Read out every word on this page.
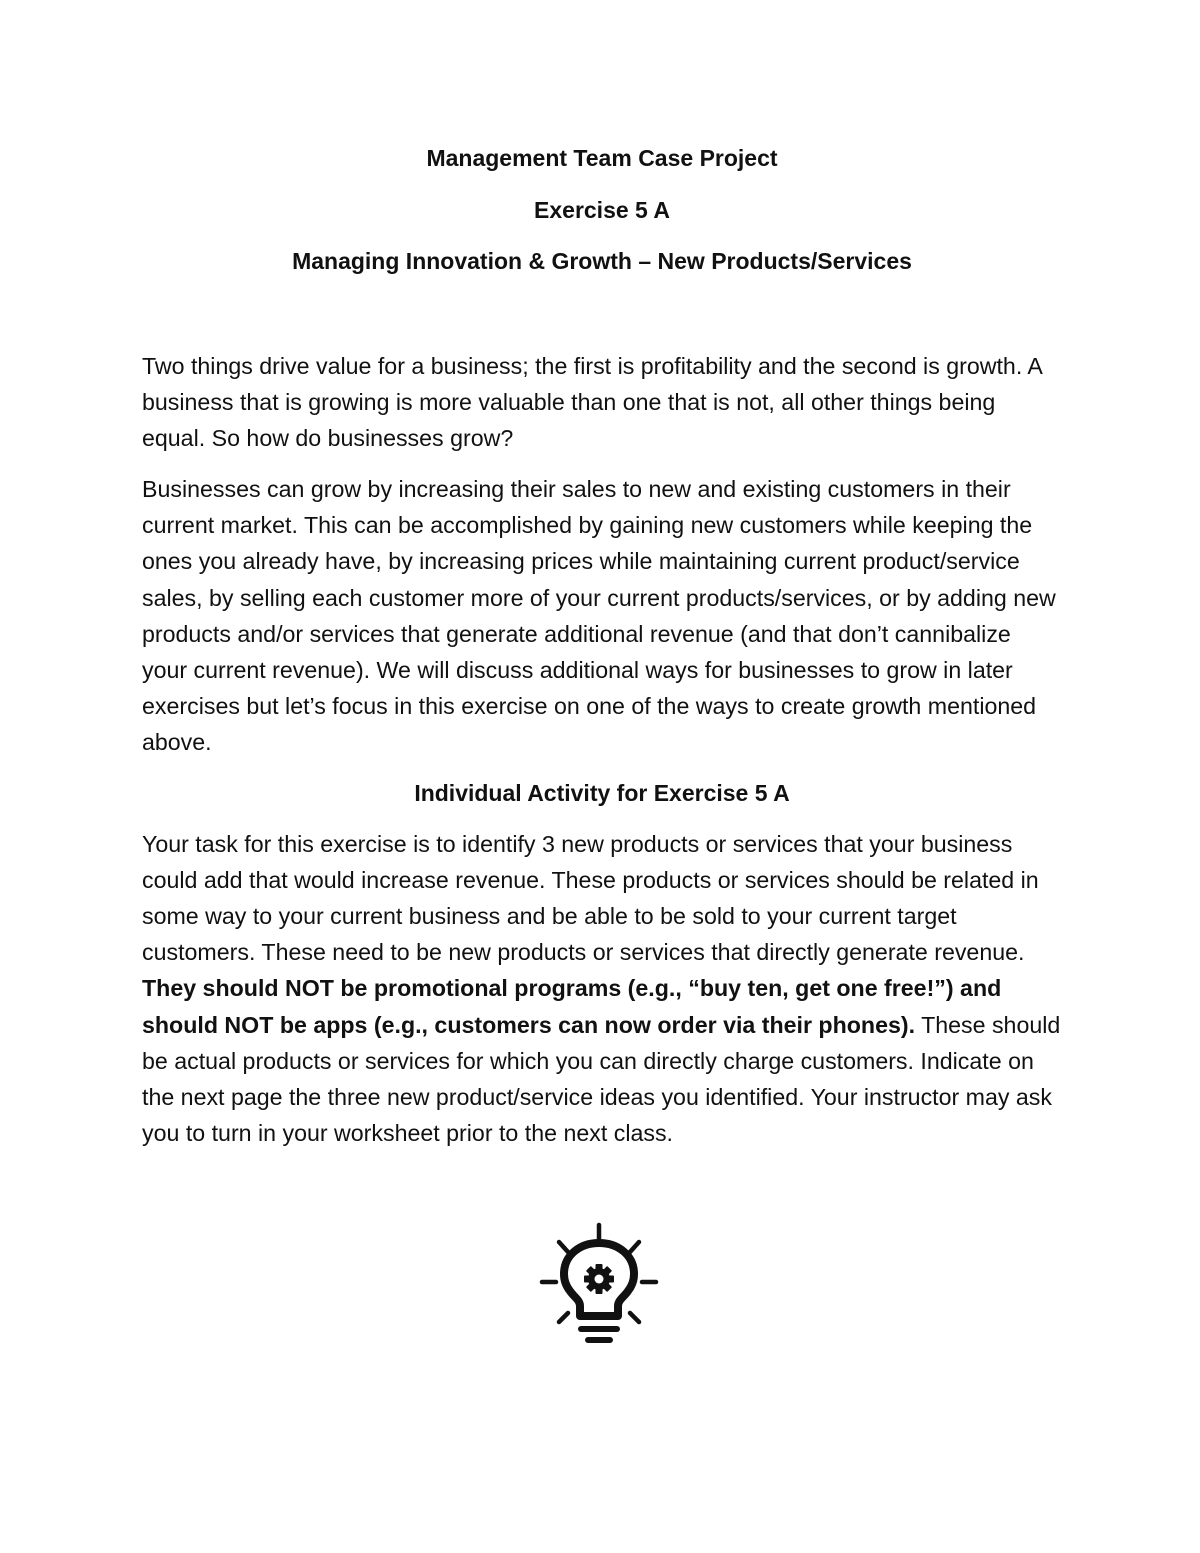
Management Team Case Project

Exercise 5 A

Managing Innovation & Growth – New Products/Services

Two things drive value for a business; the first is profitability and the second is growth. A business that is growing is more valuable than one that is not, all other things being equal. So how do businesses grow?

Businesses can grow by increasing their sales to new and existing customers in their current market. This can be accomplished by gaining new customers while keeping the ones you already have, by increasing prices while maintaining current product/service sales, by selling each customer more of your current products/services, or by adding new products and/or services that generate additional revenue (and that don’t cannibalize your current revenue). We will discuss additional ways for businesses to grow in later exercises but let’s focus in this exercise on one of the ways to create growth mentioned above.

Individual Activity for Exercise 5 A

Your task for this exercise is to identify 3 new products or services that your business could add that would increase revenue. These products or services should be related in some way to your current business and be able to be sold to your current target customers. These need to be new products or services that directly generate revenue. They should NOT be promotional programs (e.g., “buy ten, get one free!”) and should NOT be apps (e.g., customers can now order via their phones). These should be actual products or services for which you can directly charge customers. Indicate on the next page the three new product/service ideas you identified. Your instructor may ask you to turn in your worksheet prior to the next class.
